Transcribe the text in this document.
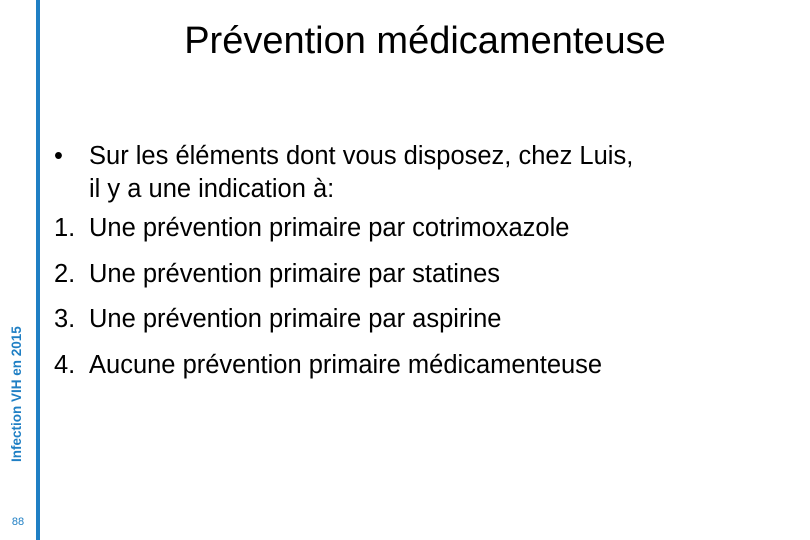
Infection VIH en 2015
88
Prévention médicamenteuse
•	Sur les éléments dont vous disposez, chez Luis,
il y a une indication à:
1. Une prévention primaire par cotrimoxazole
2. Une prévention primaire par statines
3. Une prévention primaire par aspirine
4. Aucune prévention primaire médicamenteuse
